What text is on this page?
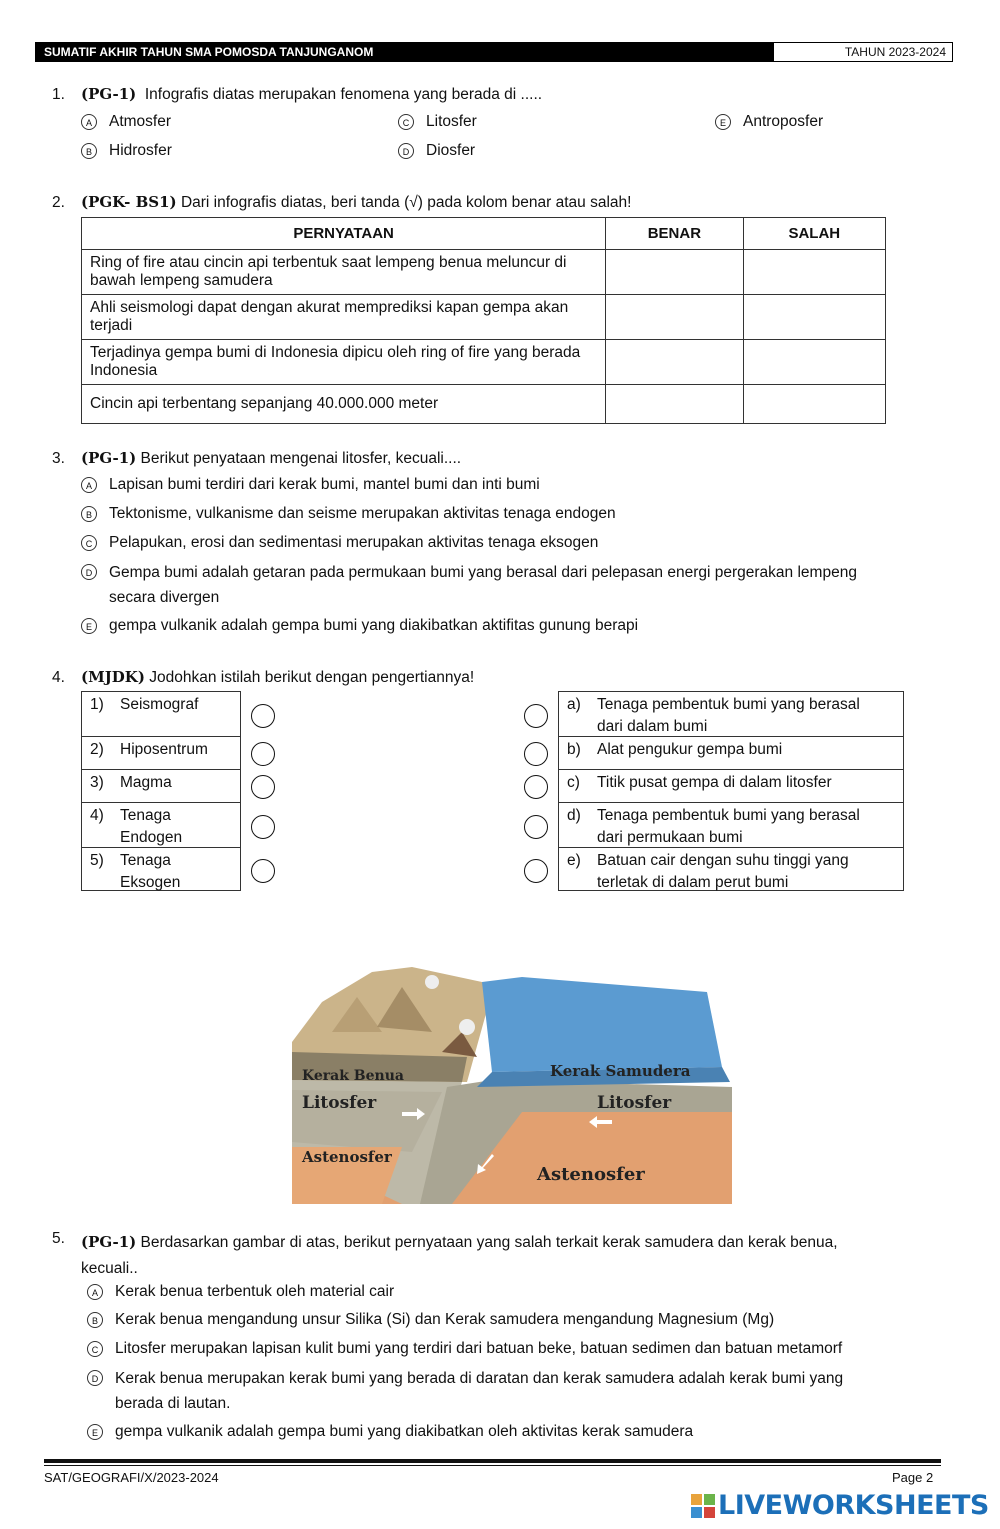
SUMATIF AKHIR TAHUN SMA POMOSDA TANJUNGANOM	TAHUN 2023-2024
1. (PG-1) Infografis diatas merupakan fenomena yang berada di .....
A	Atmosfer
B	Hidrosfer
C	Litosfer
D	Diosfer
E	Antroposfer
2. (PGK- BS1) Dari infografis diatas, beri tanda (√) pada kolom benar atau salah!
PERNYATAAN	BENAR	SALAH
Ring of fire atau cincin api terbentuk saat lempeng benua meluncur di bawah lempeng samudera		
Ahli seismologi dapat dengan akurat memprediksi kapan gempa akan terjadi		
Terjadinya gempa bumi di Indonesia dipicu oleh ring of fire yang berada Indonesia		
Cincin api terbentang sepanjang 40.000.000 meter		
3. (PG-1) Berikut penyataan mengenai litosfer, kecuali....
A	Lapisan bumi terdiri dari kerak bumi, mantel bumi dan inti bumi
B	Tektonisme, vulkanisme dan seisme merupakan aktivitas tenaga endogen
C	Pelapukan, erosi dan sedimentasi merupakan aktivitas tenaga eksogen
D	Gempa bumi adalah getaran pada permukaan bumi yang berasal dari pelepasan energi pergerakan lempeng
secara divergen
E	gempa vulkanik adalah gempa bumi yang diakibatkan aktifitas gunung berapi
4. (MJDK) Jodohkan istilah berikut dengan pengertiannya!
1)	Seismograf

2)	Hiposentrum
3)	Magma
4)	Tenaga
Endogen
5)	Tenaga
Eksogen
a)	Tenaga pembentuk bumi yang berasal
dari dalam bumi
b)	Alat pengukur gempa bumi
c)	Titik pusat gempa di dalam litosfer
d)	Tenaga pembentuk bumi yang berasal
dari permukaan bumi
e)	Batuan cair dengan suhu tinggi yang
terletak di dalam perut bumi
Kerak Benua	Kerak Samudera
Litosfer	Litosfer
Astenosfer
Astenosfer
5. (PG-1) Berdasarkan gambar di atas, berikut pernyataan yang salah terkait kerak samudera dan kerak benua,
kecuali..
A	Kerak benua terbentuk oleh material cair
B	Kerak benua mengandung unsur Silika (Si) dan Kerak samudera mengandung Magnesium (Mg)
C	Litosfer merupakan lapisan kulit bumi yang terdiri dari batuan beke, batuan sedimen dan batuan metamorf
D	Kerak benua merupakan kerak bumi yang berada di daratan dan kerak samudera adalah kerak bumi yang
berada di lautan.
E	gempa vulkanik adalah gempa bumi yang diakibatkan oleh aktivitas kerak samudera
SAT/GEOGRAFI/X/2023-2024	Page 2
LIVEWORKSHEETS
